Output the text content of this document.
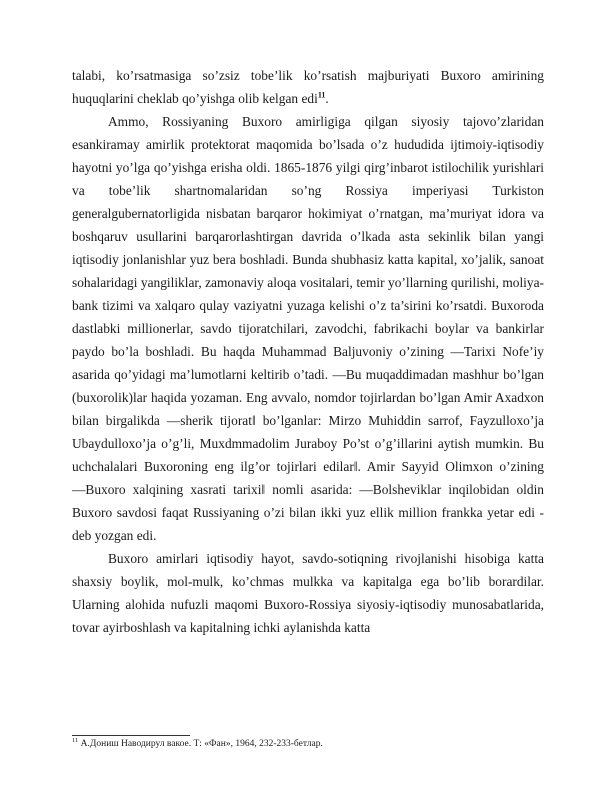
talabi, ko’rsatmasiga so’zsiz tobe’lik ko’rsatish majburiyati Buxoro amirining huquqlarini cheklab qo’yishga olib kelgan edi$^{11}$.

Ammo, Rossiyaning Buxoro amirligiga qilgan siyosiy tajovo’zlaridan esankiramay amirlik protektorat maqomida bo’lsada o’z hududida ijtimoiy-iqtisodiy hayotni yo’lga qo’yishga erisha oldi. 1865-1876 yilgi qirg’inbarot istilochilik yurishlari va tobe’lik shartnomalaridan so’ng Rossiya imperiyasi Turkiston generalgubernatorligida nisbatan barqaror hokimiyat o’rnatgan, ma’muriyat idora va boshqaruv usullarini barqarorlashtirgan davrida o’lkada asta sekinlik bilan yangi iqtisodiy jonlanishlar yuz bera boshladi. Bunda shubhasiz katta kapital, xo’jalik, sanoat sohalaridagi yangiliklar, zamonaviy aloqa vositalari, temir yo’llarning qurilishi, moliya-bank tizimi va xalqaro qulay vaziyatni yuzaga kelishi o’z ta’sirini ko’rsatdi. Buxoroda dastlabki millionerlar, savdo tijoratchilari, zavodchi, fabrikachi boylar va bankirlar paydo bo’la boshladi. Bu haqda Muhammad Baljuvoniy o’zining ―Tarixi Nofe’iy asarida qo’yidagi ma’lumotlarni keltirib o’tadi. ―Bu muqaddimadan mashhur bo’lgan (buxorolik)lar haqida yozaman. Eng avvalo, nomdor tojirlardan bo’lgan Amir Axadxon bilan birgalikda ―sherik tijorat‖ bo’lganlar: Mirzo Muhiddin sarrof, Fayzulloxo’ja Ubaydulloxo’ja o’g’li, Muxdmmadolim Juraboy Po’st o’g’illarini aytish mumkin. Bu uchchalalari Buxoroning eng ilg’or tojirlari edilar‖. Amir Sayyid Olimxon o’zining ―Buxoro xalqining xasrati tarixi‖ nomli asarida: ―Bolsheviklar inqilobidan oldin Buxoro savdosi faqat Russiyaning o’zi bilan ikki yuz ellik million frankka yetar edi - deb yozgan edi.

Buxoro amirlari iqtisodiy hayot, savdo-sotiqning rivojlanishi hisobiga katta shaxsiy boylik, mol-mulk, ko’chmas mulkka va kapitalga ega bo’lib borardilar. Ularning alohida nufuzli maqomi Buxoro-Rossiya siyosiy-iqtisodiy munosabatlarida, tovar ayirboshlash va kapitalning ichki aylanishda katta

$^{11}$ А.Дониш Наводирул вакое. Т: «Фан», 1964, 232-233-бетлар.
